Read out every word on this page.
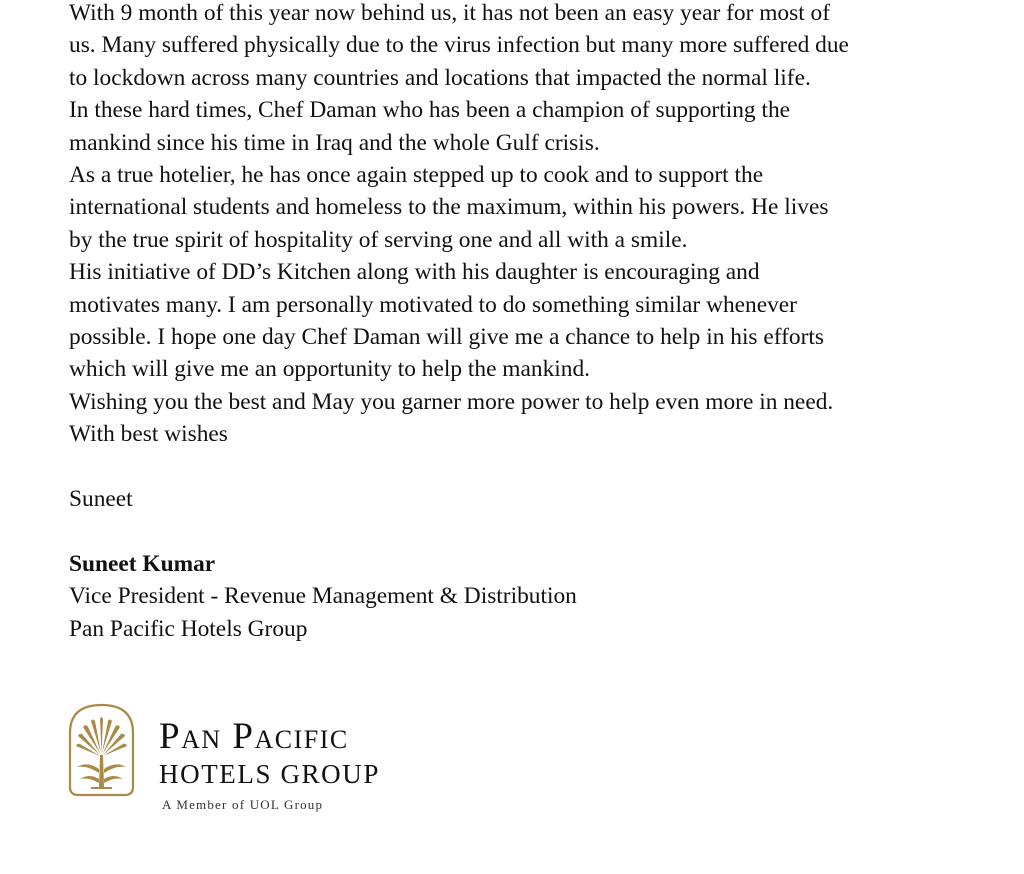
With 9 month of this year now behind us, it has not been an easy year for most of
us. Many suffered physically due to the virus infection but many more suffered due
to lockdown across many countries and locations that impacted the normal life.
In these hard times, Chef Daman who has been a champion of supporting the
mankind since his time in Iraq and the whole Gulf crisis.
As a true hotelier, he has once again stepped up to cook and to support the
international students and homeless to the maximum, within his powers. He lives
by the true spirit of hospitality of serving one and all with a smile.
His initiative of DD’s Kitchen along with his daughter is encouraging and
motivates many. I am personally motivated to do something similar whenever
possible. I hope one day Chef Daman will give me a chance to help in his efforts
which will give me an opportunity to help the mankind.
Wishing you the best and May you garner more power to help even more in need.

With best wishes

Suneet

Suneet Kumar

Vice President - Revenue Management & Distribution

Pan Pacific Hotels Group

Pan Pacific
HOTELS GROUP
A Member of UOL Group
